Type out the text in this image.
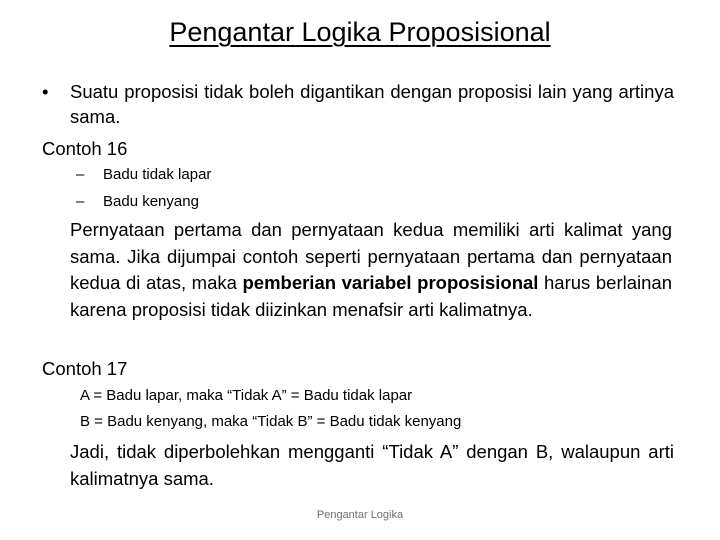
Pengantar Logika Proposisional
•	Suatu proposisi tidak boleh digantikan dengan proposisi lain yang artinya sama.
Contoh 16
– Badu tidak lapar
– Badu kenyang
Pernyataan pertama dan pernyataan kedua memiliki arti kalimat yang sama. Jika dijumpai contoh seperti pernyataan pertama dan pernyataan kedua di atas, maka pemberian variabel proposisional harus berlainan karena proposisi tidak diizinkan menafsir arti kalimatnya.
Contoh 17
A = Badu lapar, maka “Tidak A” = Badu tidak lapar
B = Badu kenyang, maka “Tidak B” = Badu tidak kenyang
Jadi, tidak diperbolehkan mengganti “Tidak A” dengan B, walaupun arti kalimatnya sama.
Pengantar Logika
